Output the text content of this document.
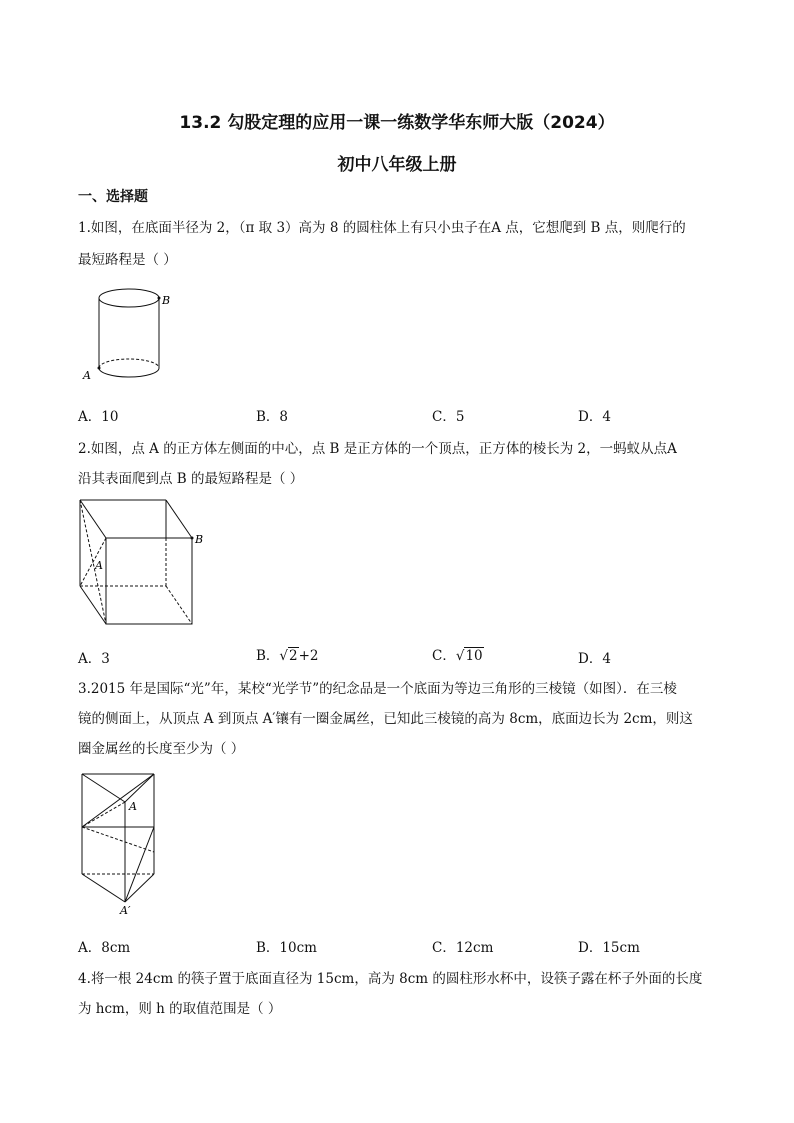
13.2 勾股定理的应用一课一练数学华东师大版（2024）
初中八年级上册
一、选择题
1.如图，在底面半径为 2，（π 取 3）高为 8 的圆柱体上有只小虫子在A 点，它想爬到 B 点，则爬行的
最短路程是（ ）
B
A
A．10	B．8	C．5	D．4
2.如图，点 A 的正方体左侧面的中心，点 B 是正方体的一个顶点，正方体的棱长为 2，一蚂蚁从点A
沿其表面爬到点 B 的最短路程是（ ）
B
A
A．3	B．√2+2	C．√10	D．4
3.2015 年是国际“光”年，某校“光学节”的纪念品是一个底面为等边三角形的三棱镜（如图）．在三棱
镜的侧面上，从顶点 A 到顶点 A′镶有一圈金属丝，已知此三棱镜的高为 8cm，底面边长为 2cm，则这
圈金属丝的长度至少为（ ）
A
A′
A．8cm	B．10cm	C．12cm	D．15cm
4.将一根 24cm 的筷子置于底面直径为 15cm，高为 8cm 的圆柱形水杯中，设筷子露在杯子外面的长度
为 hcm，则 h 的取值范围是（ ）
